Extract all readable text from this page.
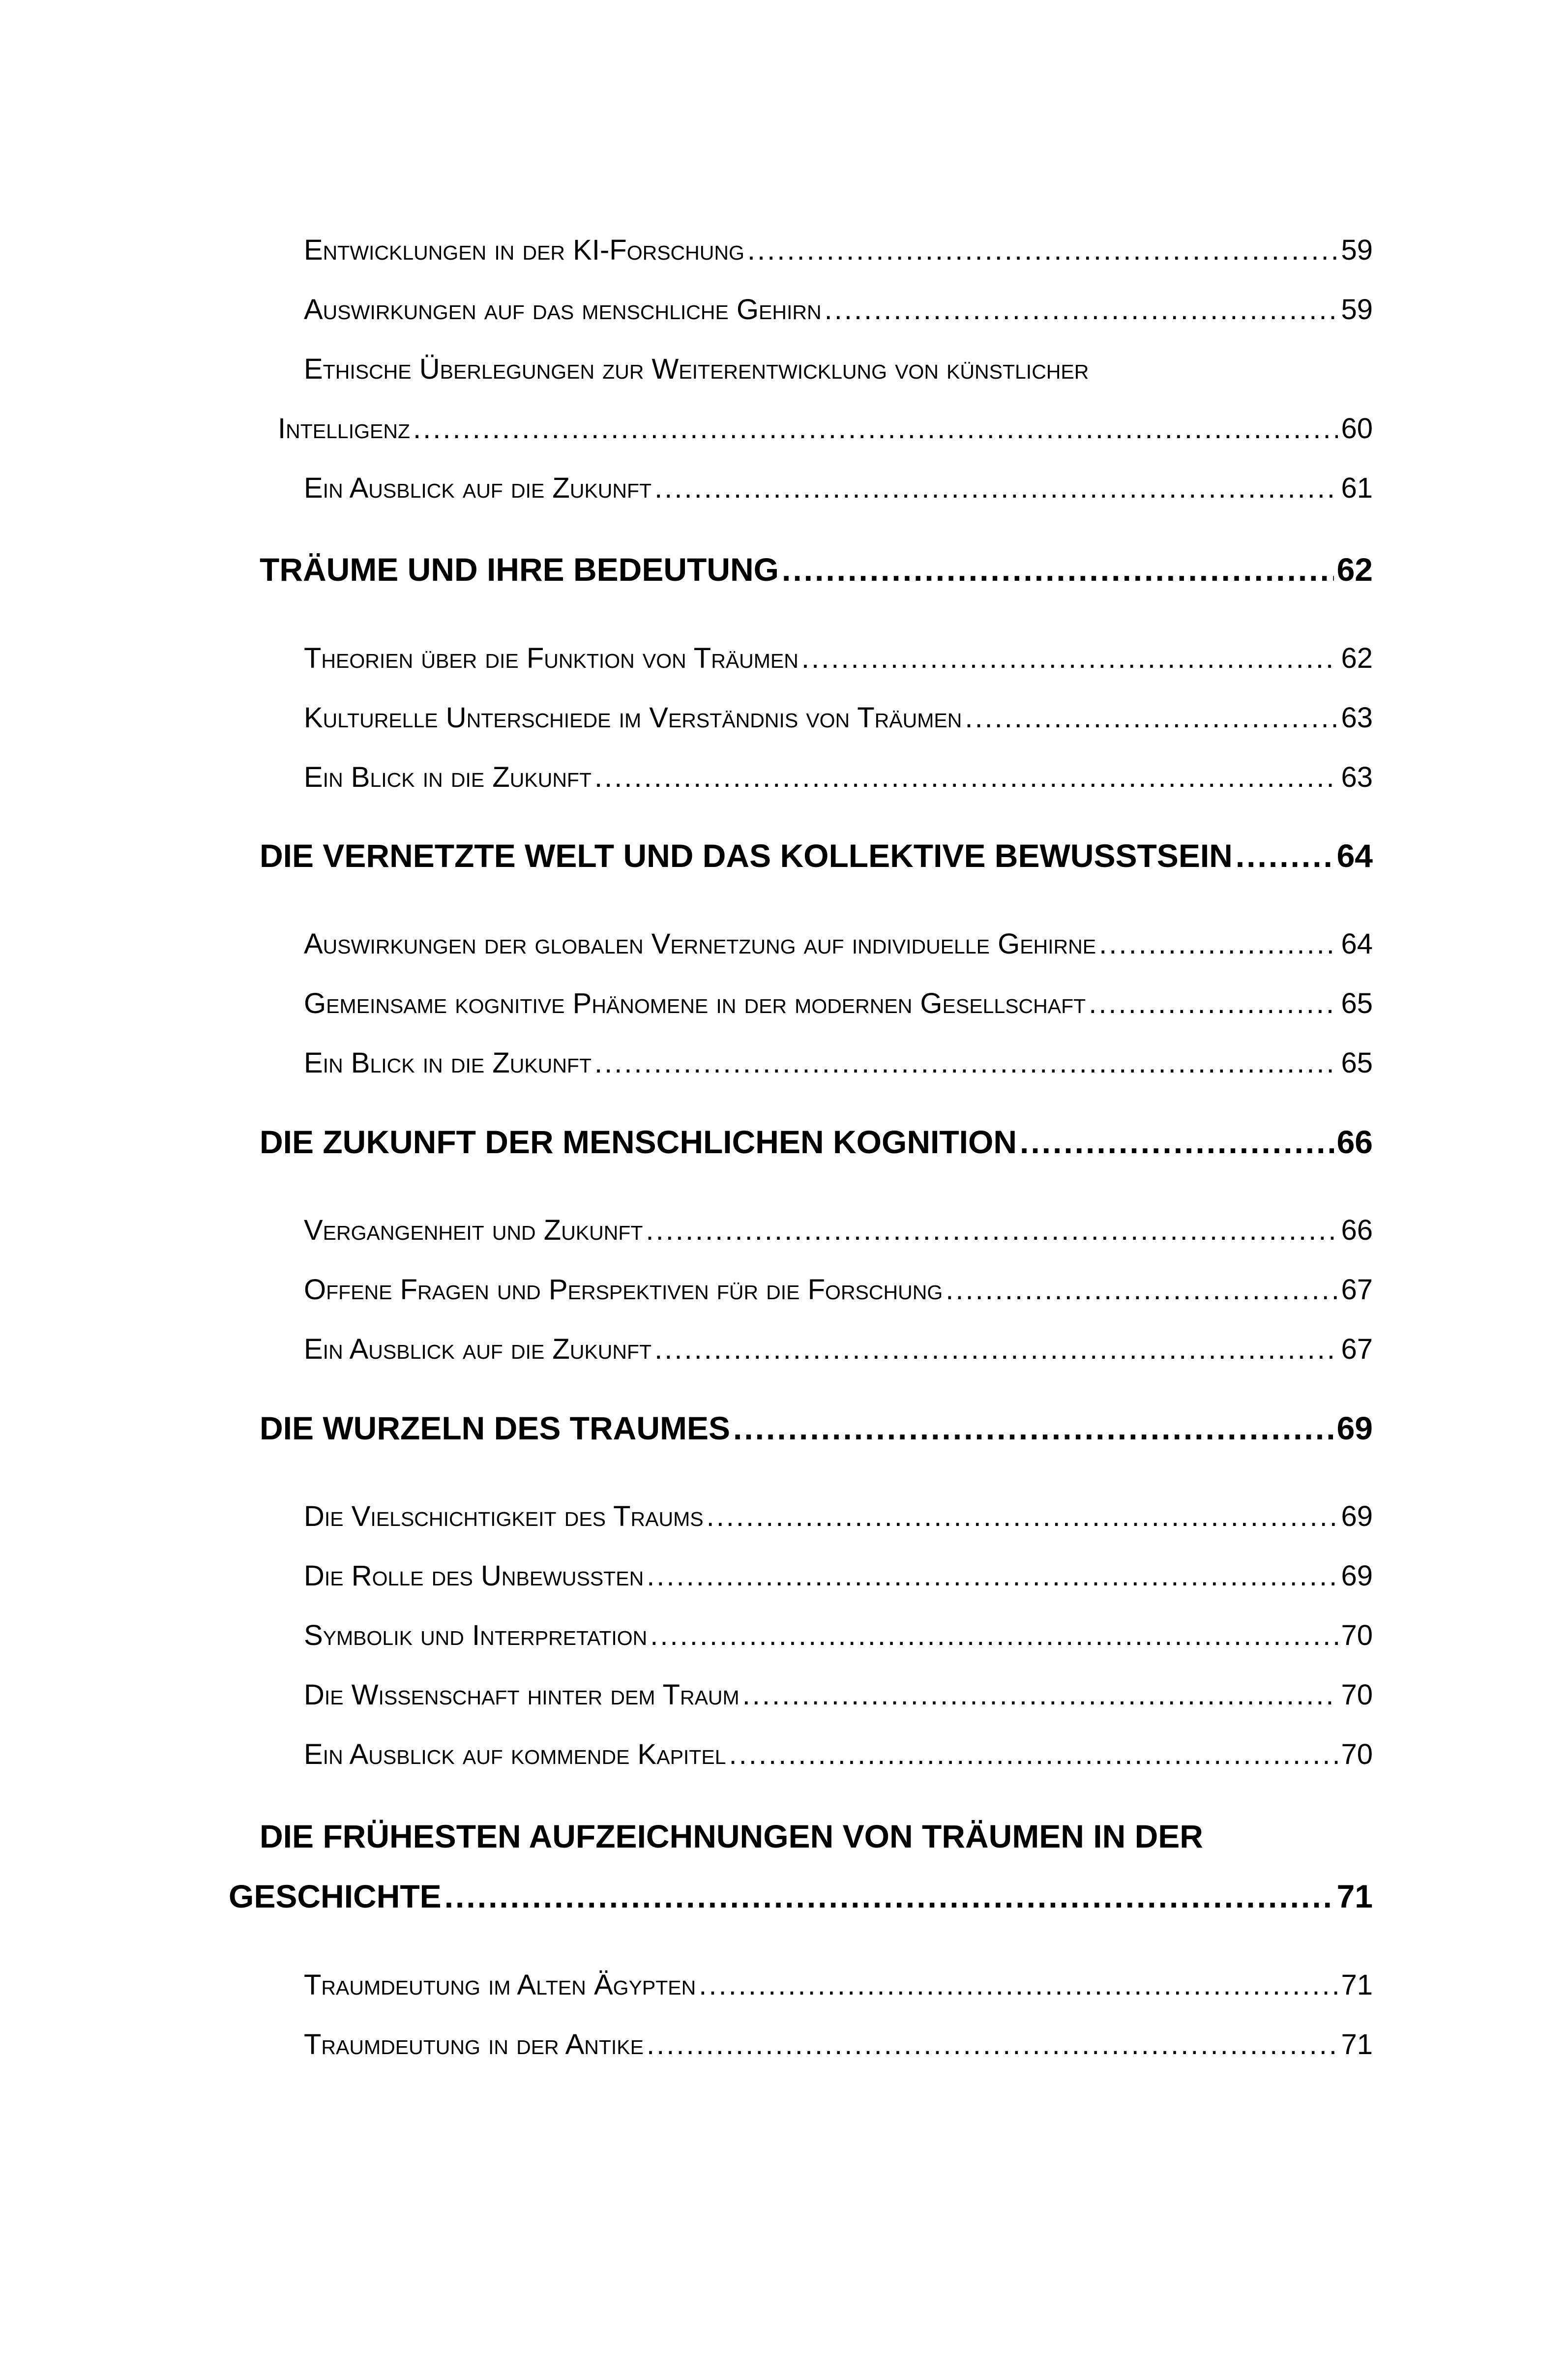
Entwicklungen in der KI-Forschung .....	59
Auswirkungen auf das menschliche Gehirn .....	59
Ethische Überlegungen zur Weiterentwicklung von künstlicher
Intelligenz .....	60
Ein Ausblick auf die Zukunft .....	61
TRÄUME UND IHRE BEDEUTUNG .....	62
Theorien über die Funktion von Träumen .....	62
Kulturelle Unterschiede im Verständnis von Träumen .....	63
Ein Blick in die Zukunft .....	63
DIE VERNETZTE WELT UND DAS KOLLEKTIVE BEWUSSTSEIN .....	64
Auswirkungen der globalen Vernetzung auf individuelle Gehirne .....	64
Gemeinsame kognitive Phänomene in der modernen Gesellschaft .....	65
Ein Blick in die Zukunft .....	65
DIE ZUKUNFT DER MENSCHLICHEN KOGNITION .....	66
Vergangenheit und Zukunft .....	66
Offene Fragen und Perspektiven für die Forschung .....	67
Ein Ausblick auf die Zukunft .....	67
DIE WURZELN DES TRAUMES .....	69
Die Vielschichtigkeit des Traums .....	69
Die Rolle des Unbewussten .....	69
Symbolik und Interpretation .....	70
Die Wissenschaft hinter dem Traum .....	70
Ein Ausblick auf kommende Kapitel .....	70
DIE FRÜHESTEN AUFZEICHNUNGEN VON TRÄUMEN IN DER
GESCHICHTE .....	71
Traumdeutung im Alten Ägypten .....	71
Traumdeutung in der Antike .....	71
